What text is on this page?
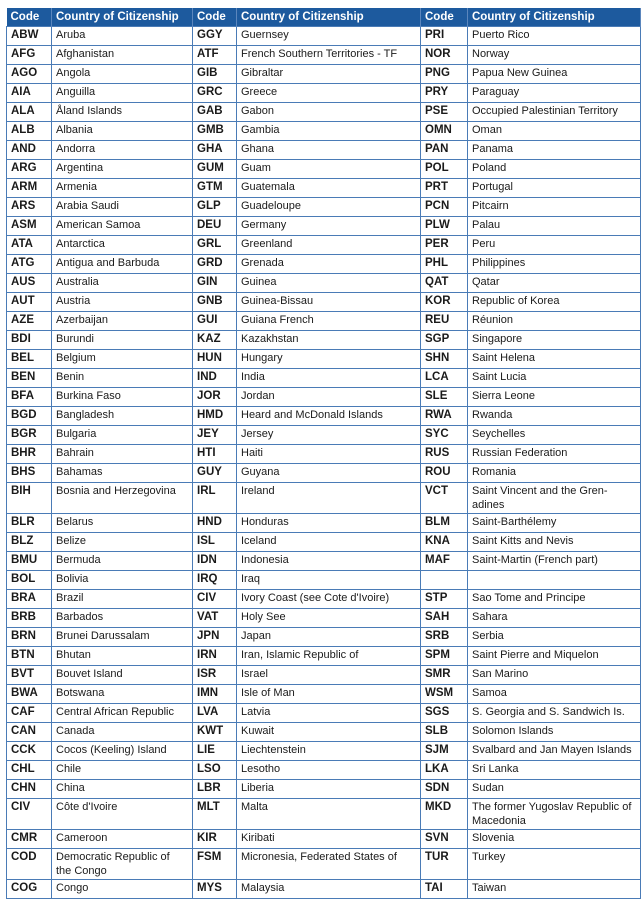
Code	Country of Citizenship	Code	Country of Citizenship	Code	Country of Citizenship
ABW	Aruba	GGY	Guernsey	PRI	Puerto Rico
AFG	Afghanistan	ATF	French Southern Territories - TF	NOR	Norway
AGO	Angola	GIB	Gibraltar	PNG	Papua New Guinea
AIA	Anguilla	GRC	Greece	PRY	Paraguay
ALA	Åland Islands	GAB	Gabon	PSE	Occupied Palestinian Territory
ALB	Albania	GMB	Gambia	OMN	Oman
AND	Andorra	GHA	Ghana	PAN	Panama
ARG	Argentina	GUM	Guam	POL	Poland
ARM	Armenia	GTM	Guatemala	PRT	Portugal
ARS	Arabia Saudi	GLP	Guadeloupe	PCN	Pitcairn
ASM	American Samoa	DEU	Germany	PLW	Palau
ATA	Antarctica	GRL	Greenland	PER	Peru
ATG	Antigua and Barbuda	GRD	Grenada	PHL	Philippines
AUS	Australia	GIN	Guinea	QAT	Qatar
AUT	Austria	GNB	Guinea-Bissau	KOR	Republic of Korea
AZE	Azerbaijan	GUI	Guiana French	REU	Réunion
BDI	Burundi	KAZ	Kazakhstan	SGP	Singapore
BEL	Belgium	HUN	Hungary	SHN	Saint Helena
BEN	Benin	IND	India	LCA	Saint Lucia
BFA	Burkina Faso	JOR	Jordan	SLE	Sierra Leone
BGD	Bangladesh	HMD	Heard and McDonald Islands	RWA	Rwanda
BGR	Bulgaria	JEY	Jersey	SYC	Seychelles
BHR	Bahrain	HTI	Haiti	RUS	Russian Federation
BHS	Bahamas	GUY	Guyana	ROU	Romania
BIH	Bosnia and Herzegovina	IRL	Ireland	VCT	Saint Vincent and the Gren- adines
BLR	Belarus	HND	Honduras	BLM	Saint-Barthélemy
BLZ	Belize	ISL	Iceland	KNA	Saint Kitts and Nevis
BMU	Bermuda	IDN	Indonesia	MAF	Saint-Martin (French part)
BOL	Bolivia	IRQ	Iraq		
BRA	Brazil	CIV	Ivory Coast (see Cote d'Ivoire)	STP	Sao Tome and Principe
BRB	Barbados	VAT	Holy See	SAH	Sahara
BRN	Brunei Darussalam	JPN	Japan	SRB	Serbia
BTN	Bhutan	IRN	Iran, Islamic Republic of	SPM	Saint Pierre and Miquelon
BVT	Bouvet Island	ISR	Israel	SMR	San Marino
BWA	Botswana	IMN	Isle of Man	WSM	Samoa
CAF	Central African Republic	LVA	Latvia	SGS	S. Georgia and S. Sandwich Is.
CAN	Canada	KWT	Kuwait	SLB	Solomon Islands
CCK	Cocos (Keeling) Island	LIE	Liechtenstein	SJM	Svalbard and Jan Mayen Islands
CHL	Chile	LSO	Lesotho	LKA	Sri Lanka
CHN	China	LBR	Liberia	SDN	Sudan
CIV	Côte d'Ivoire	MLT	Malta	MKD	The former Yugoslav Republic of Macedonia
CMR	Cameroon	KIR	Kiribati	SVN	Slovenia
COD	Democratic Republic of the Congo	FSM	Micronesia, Federated States of	TUR	Turkey
COG	Congo	MYS	Malaysia	TAI	Taiwan
